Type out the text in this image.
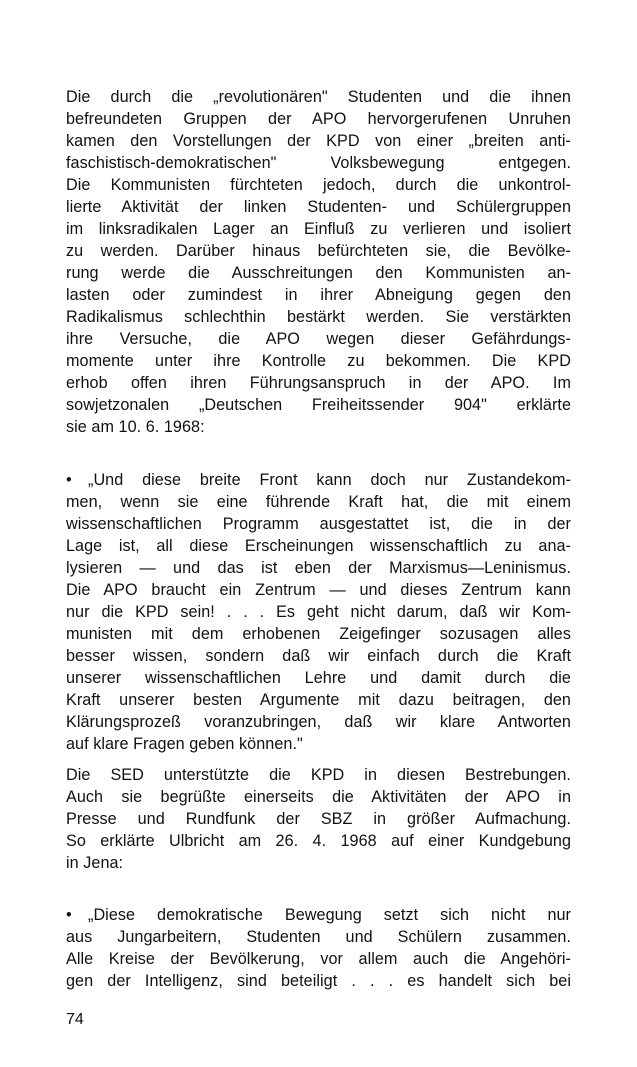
Die durch die „revolutionären" Studenten und die ihnen
befreundeten Gruppen der APO hervorgerufenen Unruhen
kamen den Vorstellungen der KPD von einer „breiten anti-
faschistisch-demokratischen" Volksbewegung entgegen.
Die Kommunisten fürchteten jedoch, durch die unkontrol-
lierte Aktivität der linken Studenten- und Schülergruppen
im linksradikalen Lager an Einfluß zu verlieren und isoliert
zu werden. Darüber hinaus befürchteten sie, die Bevölke-
rung werde die Ausschreitungen den Kommunisten an-
lasten oder zumindest in ihrer Abneigung gegen den
Radikalismus schlechthin bestärkt werden. Sie verstärkten
ihre Versuche, die APO wegen dieser Gefährdungs-
momente unter ihre Kontrolle zu bekommen. Die KPD
erhob offen ihren Führungsanspruch in der APO. Im
sowjetzonalen „Deutschen Freiheitssender 904" erklärte
sie am 10. 6. 1968:
• „Und diese breite Front kann doch nur Zustandekom-
men, wenn sie eine führende Kraft hat, die mit einem
wissenschaftlichen Programm ausgestattet ist, die in der
Lage ist, all diese Erscheinungen wissenschaftlich zu ana-
lysieren — und das ist eben der Marxismus—Leninismus.
Die APO braucht ein Zentrum — und dieses Zentrum kann
nur die KPD sein! . . . Es geht nicht darum, daß wir Kom-
munisten mit dem erhobenen Zeigefinger sozusagen alles
besser wissen, sondern daß wir einfach durch die Kraft
unserer wissenschaftlichen Lehre und damit durch die
Kraft unserer besten Argumente mit dazu beitragen, den
Klärungsprozeß voranzubringen, daß wir klare Antworten
auf klare Fragen geben können."
Die SED unterstützte die KPD in diesen Bestrebungen.
Auch sie begrüßte einerseits die Aktivitäten der APO in
Presse und Rundfunk der SBZ in größer Aufmachung.
So erklärte Ulbricht am 26. 4. 1968 auf einer Kundgebung
in Jena:
• „Diese demokratische Bewegung setzt sich nicht nur
aus Jungarbeitern, Studenten und Schülern zusammen.
Alle Kreise der Bevölkerung, vor allem auch die Angehöri-
gen der Intelligenz, sind beteiligt . . . es handelt sich bei

74
